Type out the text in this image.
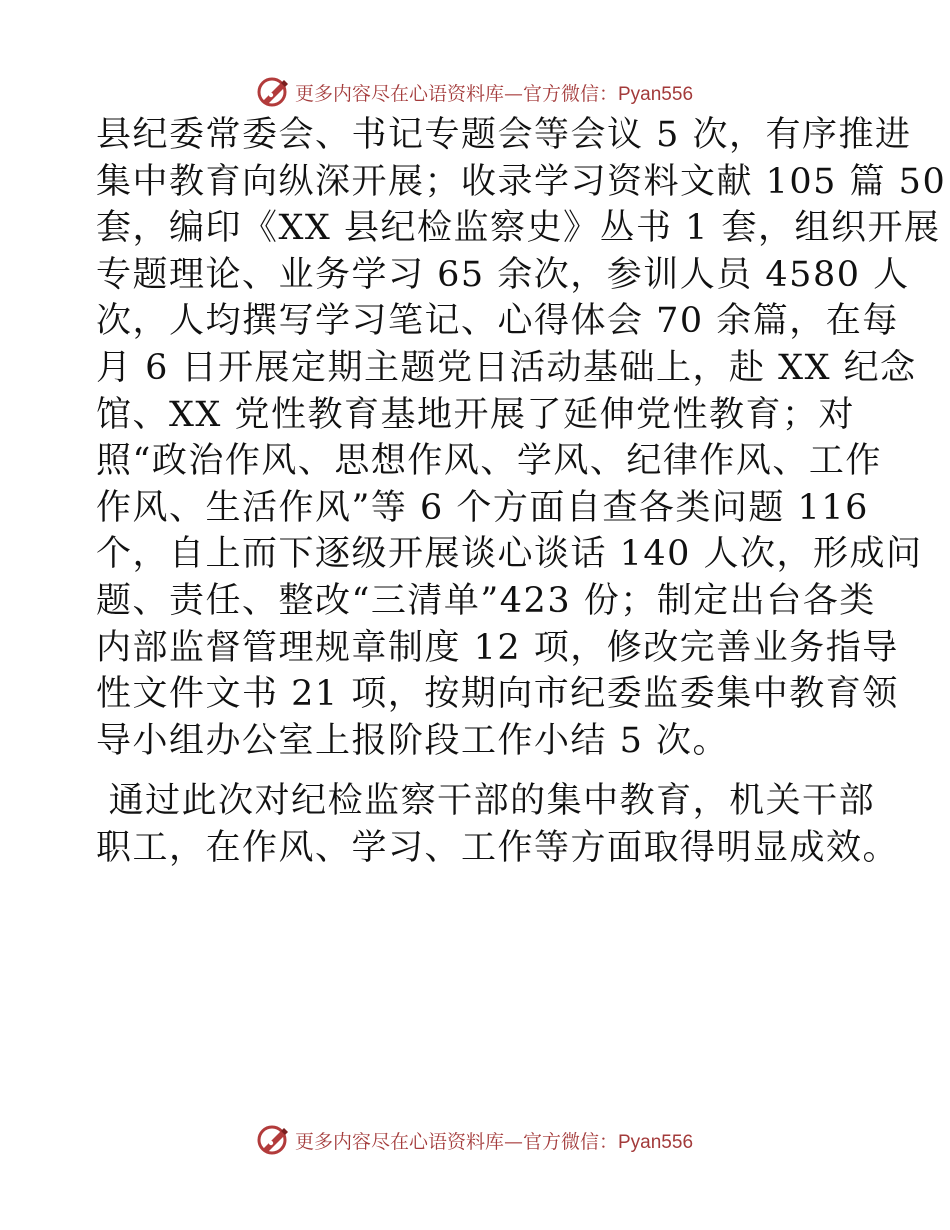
更多内容尽在心语资料库—官方微信：Pyan556
县纪委常委会、书记专题会等会议 5 次，有序推进
集中教育向纵深开展；收录学习资料文献 105 篇 50
套，编印《XX 县纪检监察史》丛书 1 套，组织开展
专题理论、业务学习 65 余次，参训人员 4580 人
次，人均撰写学习笔记、心得体会 70 余篇，在每
月 6 日开展定期主题党日活动基础上，赴 XX 纪念
馆、XX 党性教育基地开展了延伸党性教育；对
照“政治作风、思想作风、学风、纪律作风、工作
作风、生活作风”等 6 个方面自查各类问题 116
个，自上而下逐级开展谈心谈话 140 人次，形成问
题、责任、整改“三清单”423 份；制定出台各类
内部监督管理规章制度 12 项，修改完善业务指导
性文件文书 21 项，按期向市纪委监委集中教育领
导小组办公室上报阶段工作小结 5 次。
通过此次对纪检监察干部的集中教育，机关干部
职工，在作风、学习、工作等方面取得明显成效。
更多内容尽在心语资料库—官方微信：Pyan556
